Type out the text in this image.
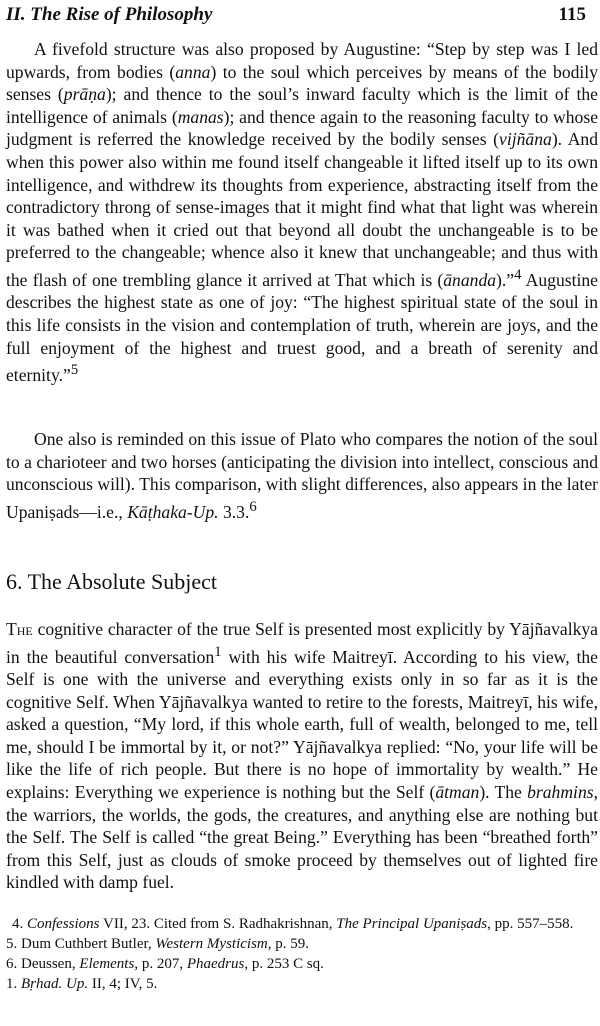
II. The Rise of Philosophy	115

A fivefold structure was also proposed by Augustine: “Step by step was I led upwards, from bodies (anna) to the soul which perceives by means of the bodily senses (prāṇa); and thence to the soul’s inward faculty which is the limit of the intelligence of animals (manas); and thence again to the reasoning faculty to whose judgment is referred the knowledge received by the bodily senses (vijñāna). And when this power also within me found itself changeable it lifted itself up to its own intelligence, and withdrew its thoughts from experience, abstracting itself from the contradictory throng of sense-images that it might find what that light was wherein it was bathed when it cried out that beyond all doubt the unchangeable is to be preferred to the changeable; whence also it knew that unchangeable; and thus with the flash of one trembling glance it arrived at That which is (ānanda).”$^4$ Augustine describes the highest state as one of joy: “The highest spiritual state of the soul in this life consists in the vision and contemplation of truth, wherein are joys, and the full enjoyment of the highest and truest good, and a breath of serenity and eternity.”$^5$

One also is reminded on this issue of Plato who compares the notion of the soul to a charioteer and two horses (anticipating the division into intellect, conscious and unconscious will). This comparison, with slight differences, also appears in the later Upaniṣads—i.e., Kāṭhaka-Up. 3.3.$^6$

6. The Absolute Subject

The cognitive character of the true Self is presented most explicitly by Yājñavalkya in the beautiful conversation$^1$ with his wife Maitreyī. According to his view, the Self is one with the universe and everything exists only in so far as it is the cognitive Self. When Yājñavalkya wanted to retire to the forests, Maitreyī, his wife, asked a question, “My lord, if this whole earth, full of wealth, belonged to me, tell me, should I be immortal by it, or not?” Yājñavalkya replied: “No, your life will be like the life of rich people. But there is no hope of immortality by wealth.” He explains: Everything we experience is nothing but the Self (ātman). The brahmins, the warriors, the worlds, the gods, the creatures, and anything else are nothing but the Self. The Self is called “the great Being.” Everything has been “breathed forth” from this Self, just as clouds of smoke proceed by themselves out of lighted fire kindled with damp fuel.

4. Confessions VII, 23. Cited from S. Radhakrishnan, The Principal Upaniṣads, pp. 557–558.

5. Dum Cuthbert Butler, Western Mysticism, p. 59.

6. Deussen, Elements, p. 207, Phaedrus, p. 253 C sq.

1. Bṛhad. Up. II, 4; IV, 5.
